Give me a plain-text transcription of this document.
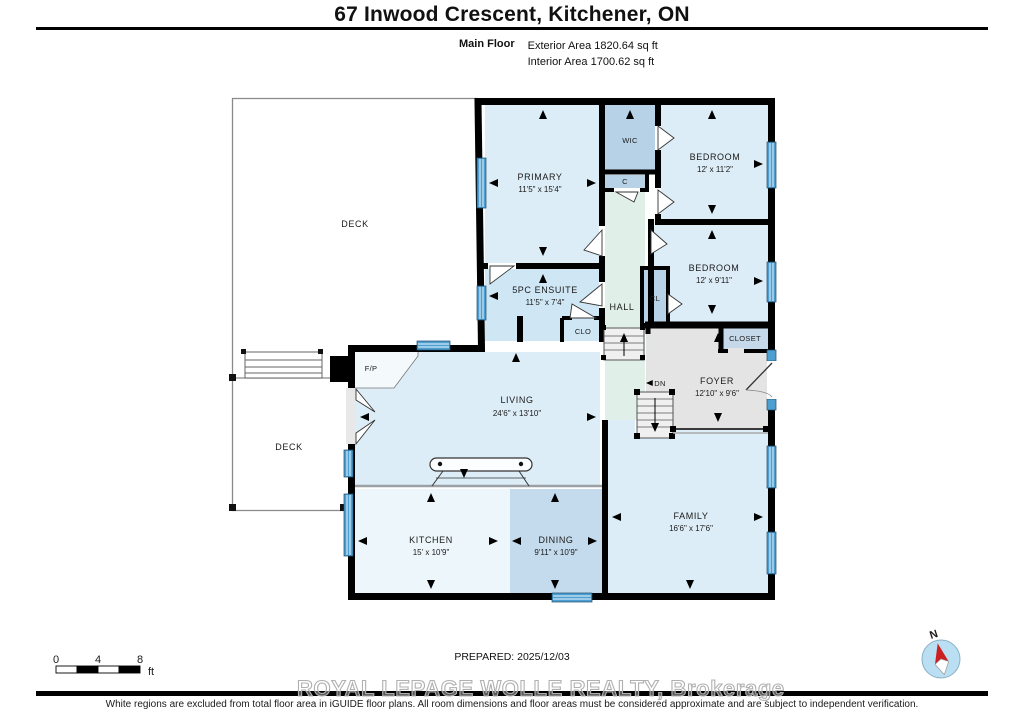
67 Inwood Crescent, Kitchener, ON
Main Floor Exterior Area 1820.64 sq ft
Interior Area 1700.62 sq ft
DECK
DECK
PRIMARY
11'5" x 15'4"
WIC
C
BEDROOM
12' x 11'2"
BEDROOM
12' x 9'11"
CL
5PC ENSUITE
11'5" x 7'4"	HALL
CLO
CLOSET
FOYER
12'10" x 9'6"
DN
LIVING
24'6" x 13'10"
F/P
KITCHEN
15' x 10'9"
DINING
9'11" x 10'9"
FAMILY
16'6" x 17'6"
0	4	8
ft
N
PREPARED: 2025/12/03
ROYAL LEPAGE WOLLE REALTY, Brokerage
White regions are excluded from total floor area in iGUIDE floor plans. All room dimensions and floor areas must be considered approximate and are subject to independent verification.
